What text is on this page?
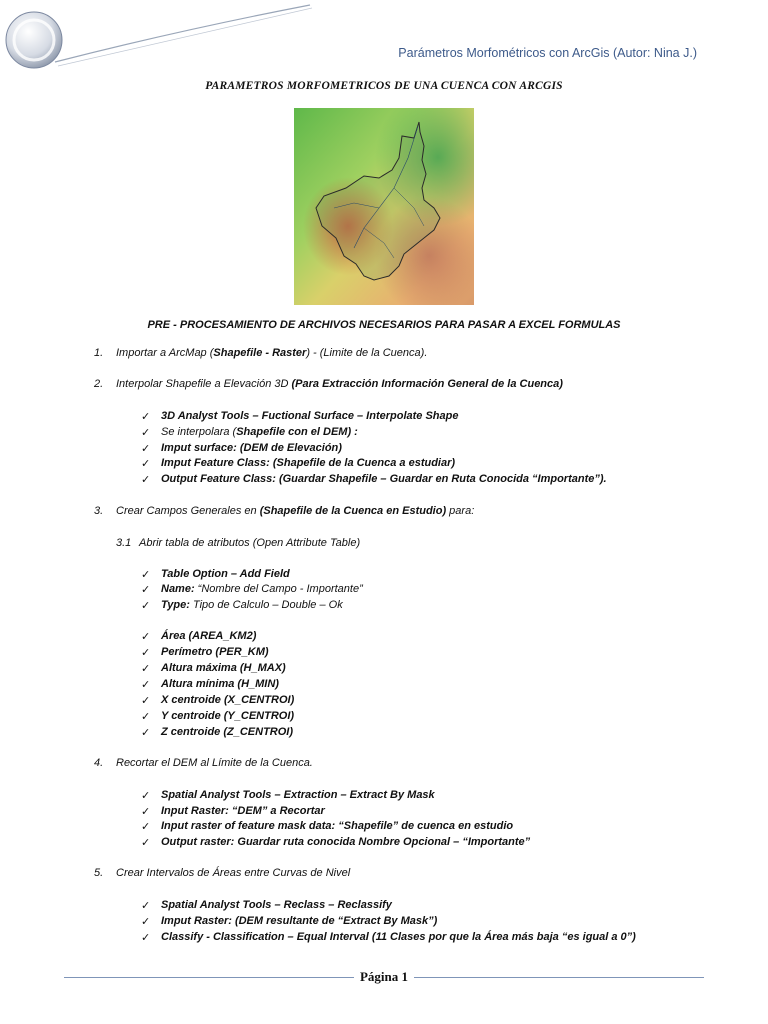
Parámetros Morfométricos con ArcGis (Autor: Nina J.)
PARAMETROS MORFOMETRICOS DE UNA CUENCA CON ARCGIS
PRE - PROCESAMIENTO DE ARCHIVOS NECESARIOS PARA PASAR A EXCEL FORMULAS
1. Importar a ArcMap (Shapefile - Raster) - (Limite de la Cuenca).
2. Interpolar Shapefile a Elevación 3D (Para Extracción Información General de la Cuenca)
✓ 3D Analyst Tools – Fuctional Surface – Interpolate Shape
✓ Se interpolara (Shapefile con el DEM) :
✓ Imput surface: (DEM de Elevación)
✓ Imput Feature Class: (Shapefile de la Cuenca a estudiar)
✓ Output Feature Class: (Guardar Shapefile – Guardar en Ruta Conocida “Importante”).
3. Crear Campos Generales en (Shapefile de la Cuenca en Estudio) para:
3.1 Abrir tabla de atributos (Open Attribute Table)
✓ Table Option – Add Field
✓ Name: “Nombre del Campo - Importante”
✓ Type: Tipo de Calculo – Double – Ok
✓ Área (AREA_KM2)
✓ Perímetro (PER_KM)
✓ Altura máxima (H_MAX)
✓ Altura mínima (H_MIN)
✓ X centroide (X_CENTROI)
✓ Y centroide (Y_CENTROI)
✓ Z centroide (Z_CENTROI)
4. Recortar el DEM al Límite de la Cuenca.
✓ Spatial Analyst Tools – Extraction – Extract By Mask
✓ Input Raster: “DEM” a Recortar
✓ Input raster of feature mask data: “Shapefile” de cuenca en estudio
✓ Output raster: Guardar ruta conocida Nombre Opcional – “Importante”
5. Crear Intervalos de Áreas entre Curvas de Nivel
✓ Spatial Analyst Tools – Reclass – Reclassify
✓ Imput Raster: (DEM resultante de “Extract By Mask”)
✓ Classify - Classification – Equal Interval (11 Clases por que la Área más baja “es igual a 0”)
Página 1
